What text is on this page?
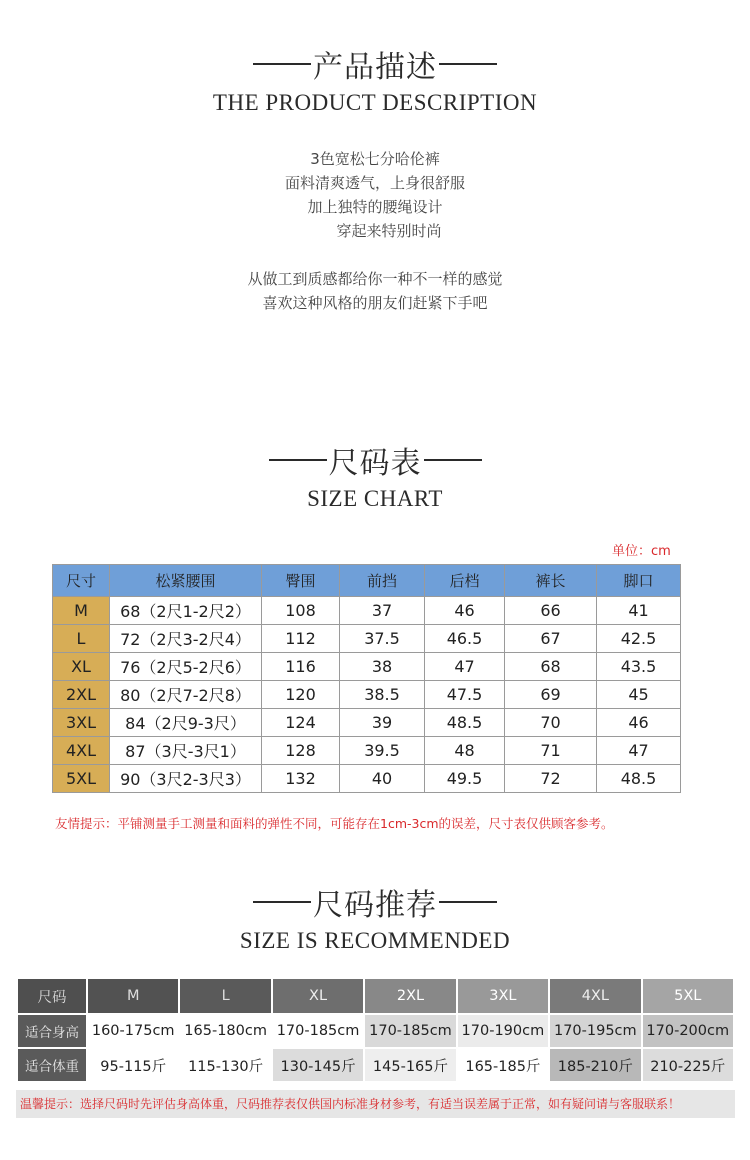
产品描述
THE PRODUCT DESCRIPTION
3色宽松七分哈伦裤
面料清爽透气，上身很舒服
加上独特的腰绳设计
穿起来特别时尚
从做工到质感都给你一种不一样的感觉
喜欢这种风格的朋友们赶紧下手吧
尺码表
SIZE CHART
单位：cm
尺寸	松紧腰围	臀围	前挡	后档	裤长	脚口
M	68（2尺1-2尺2）	108	37	46	66	41
L	72（2尺3-2尺4）	112	37.5	46.5	67	42.5
XL	76（2尺5-2尺6）	116	38	47	68	43.5
2XL	80（2尺7-2尺8）	120	38.5	47.5	69	45
3XL	84（2尺9-3尺）	124	39	48.5	70	46
4XL	87（3尺-3尺1）	128	39.5	48	71	47
5XL	90（3尺2-3尺3）	132	40	49.5	72	48.5
友情提示：平铺测量手工测量和面料的弹性不同，可能存在1cm-3cm的误差，尺寸表仅供顾客参考。
尺码推荐
SIZE IS RECOMMENDED
尺码	M	L	XL	2XL	3XL	4XL	5XL
适合身高	160-175cm	165-180cm	170-185cm	170-185cm	170-190cm	170-195cm	170-200cm
适合体重	95-115斤	115-130斤	130-145斤	145-165斤	165-185斤	185-210斤	210-225斤
温馨提示：选择尺码时先评估身高体重，尺码推荐表仅供国内标准身材参考，有适当误差属于正常，如有疑问请与客服联系！
